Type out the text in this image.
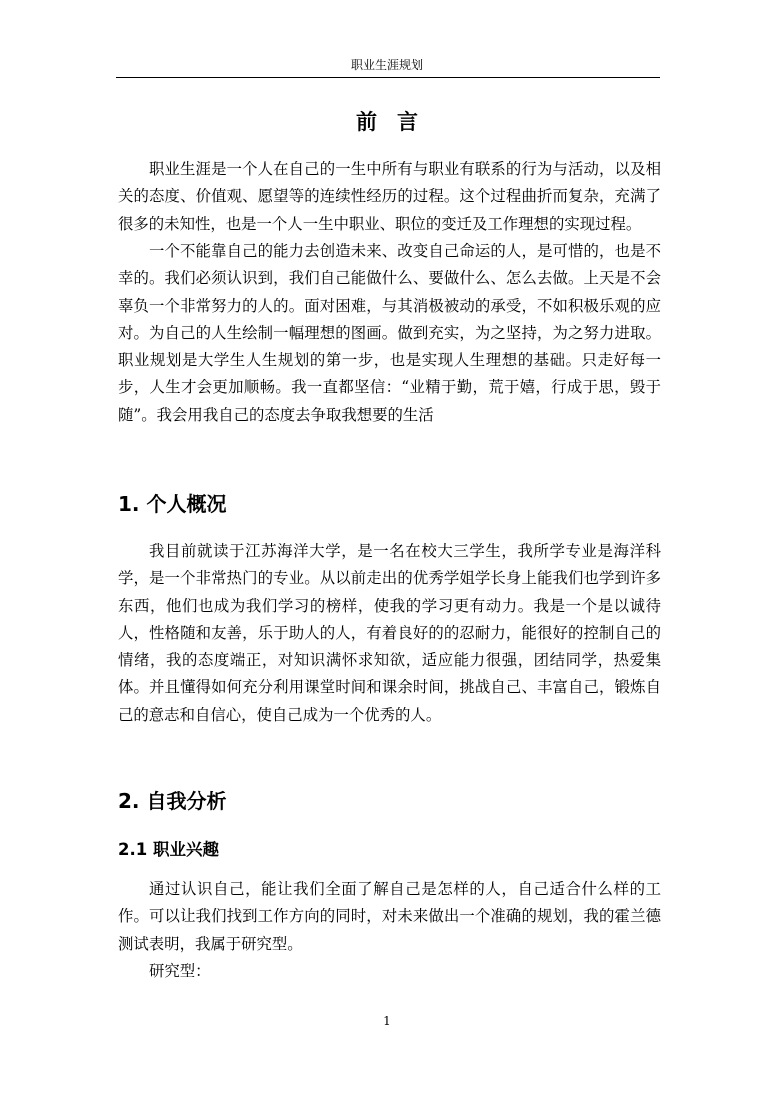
职业生涯规划
前言

职业生涯是一个人在自己的一生中所有与职业有联系的行为与活动，以及相关的态度、价值观、愿望等的连续性经历的过程。这个过程曲折而复杂，充满了很多的未知性，也是一个人一生中职业、职位的变迁及工作理想的实现过程。

一个不能靠自己的能力去创造未来、改变自己命运的人，是可惜的，也是不幸的。我们必须认识到，我们自己能做什么、要做什么、怎么去做。上天是不会辜负一个非常努力的人的。面对困难，与其消极被动的承受，不如积极乐观的应对。为自己的人生绘制一幅理想的图画。做到充实，为之坚持，为之努力进取。职业规划是大学生人生规划的第一步，也是实现人生理想的基础。只走好每一步，人生才会更加顺畅。我一直都坚信：“业精于勤，荒于嬉，行成于思，毁于随”。我会用我自己的态度去争取我想要的生活

1. 个人概况

我目前就读于江苏海洋大学，是一名在校大三学生，我所学专业是海洋科学，是一个非常热门的专业。从以前走出的优秀学姐学长身上能我们也学到许多东西，他们也成为我们学习的榜样，使我的学习更有动力。我是一个是以诚待人，性格随和友善，乐于助人的人，有着良好的的忍耐力，能很好的控制自己的情绪，我的态度端正，对知识满怀求知欲，适应能力很强，团结同学，热爱集体。并且懂得如何充分利用课堂时间和课余时间，挑战自己、丰富自己，锻炼自己的意志和自信心，使自己成为一个优秀的人。

2. 自我分析
2.1 职业兴趣

通过认识自己，能让我们全面了解自己是怎样的人，自己适合什么样的工作。可以让我们找到工作方向的同时，对未来做出一个准确的规划，我的霍兰德测试表明，我属于研究型。

研究型：

1
